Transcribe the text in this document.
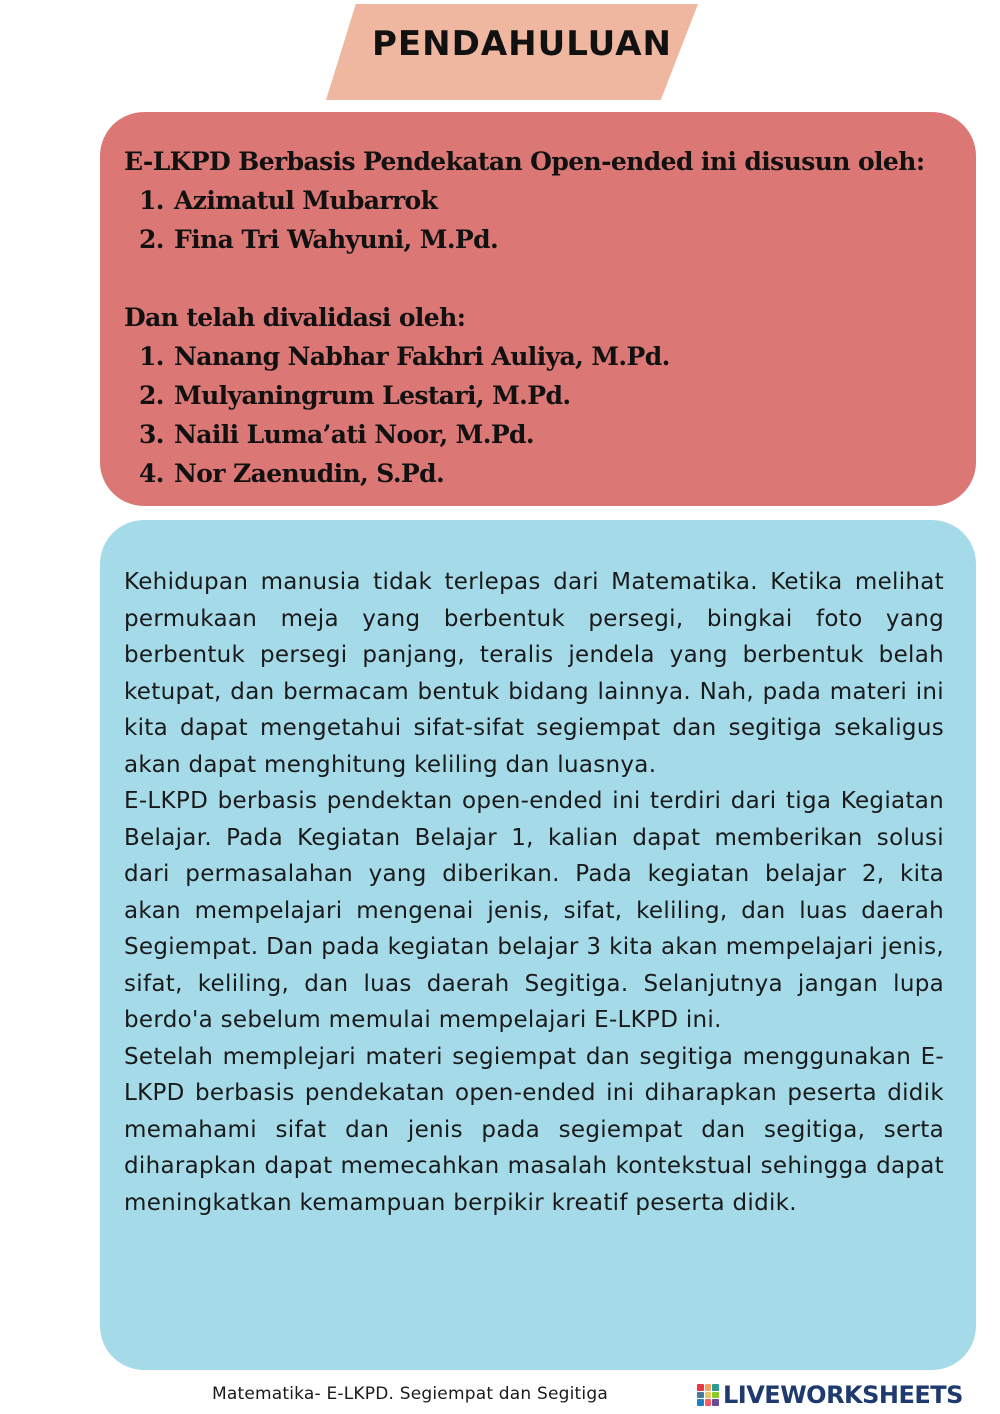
PENDAHULUAN
E-LKPD Berbasis Pendekatan Open-ended ini disusun oleh:
1. Azimatul Mubarrok
2. Fina Tri Wahyuni, M.Pd.
Dan telah divalidasi oleh:
1. Nanang Nabhar Fakhri Auliya, M.Pd.
2. Mulyaningrum Lestari, M.Pd.
3. Naili Luma’ati Noor, M.Pd.
4. Nor Zaenudin, S.Pd.

Kehidupan manusia tidak terlepas dari Matematika. Ketika melihat permukaan meja yang berbentuk persegi, bingkai foto yang berbentuk persegi panjang, teralis jendela yang berbentuk belah ketupat, dan bermacam bentuk bidang lainnya. Nah, pada materi ini kita dapat mengetahui sifat-sifat segiempat dan segitiga sekaligus akan dapat menghitung keliling dan luasnya.

E-LKPD berbasis pendektan open-ended ini terdiri dari tiga Kegiatan Belajar. Pada Kegiatan Belajar 1, kalian dapat memberikan solusi dari permasalahan yang diberikan. Pada kegiatan belajar 2, kita akan mempelajari mengenai jenis, sifat, keliling, dan luas daerah Segiempat. Dan pada kegiatan belajar 3 kita akan mempelajari jenis, sifat, keliling, dan luas daerah Segitiga. Selanjutnya jangan lupa berdo'a sebelum memulai mempelajari E-LKPD ini.

Setelah memplejari materi segiempat dan segitiga menggunakan E-LKPD berbasis pendekatan open-ended ini diharapkan peserta didik memahami sifat dan jenis pada segiempat dan segitiga, serta diharapkan dapat memecahkan masalah kontekstual sehingga dapat meningkatkan kemampuan berpikir kreatif peserta didik.

Matematika- E-LKPD. Segiempat dan Segitiga	LIVEWORKSHEETS
